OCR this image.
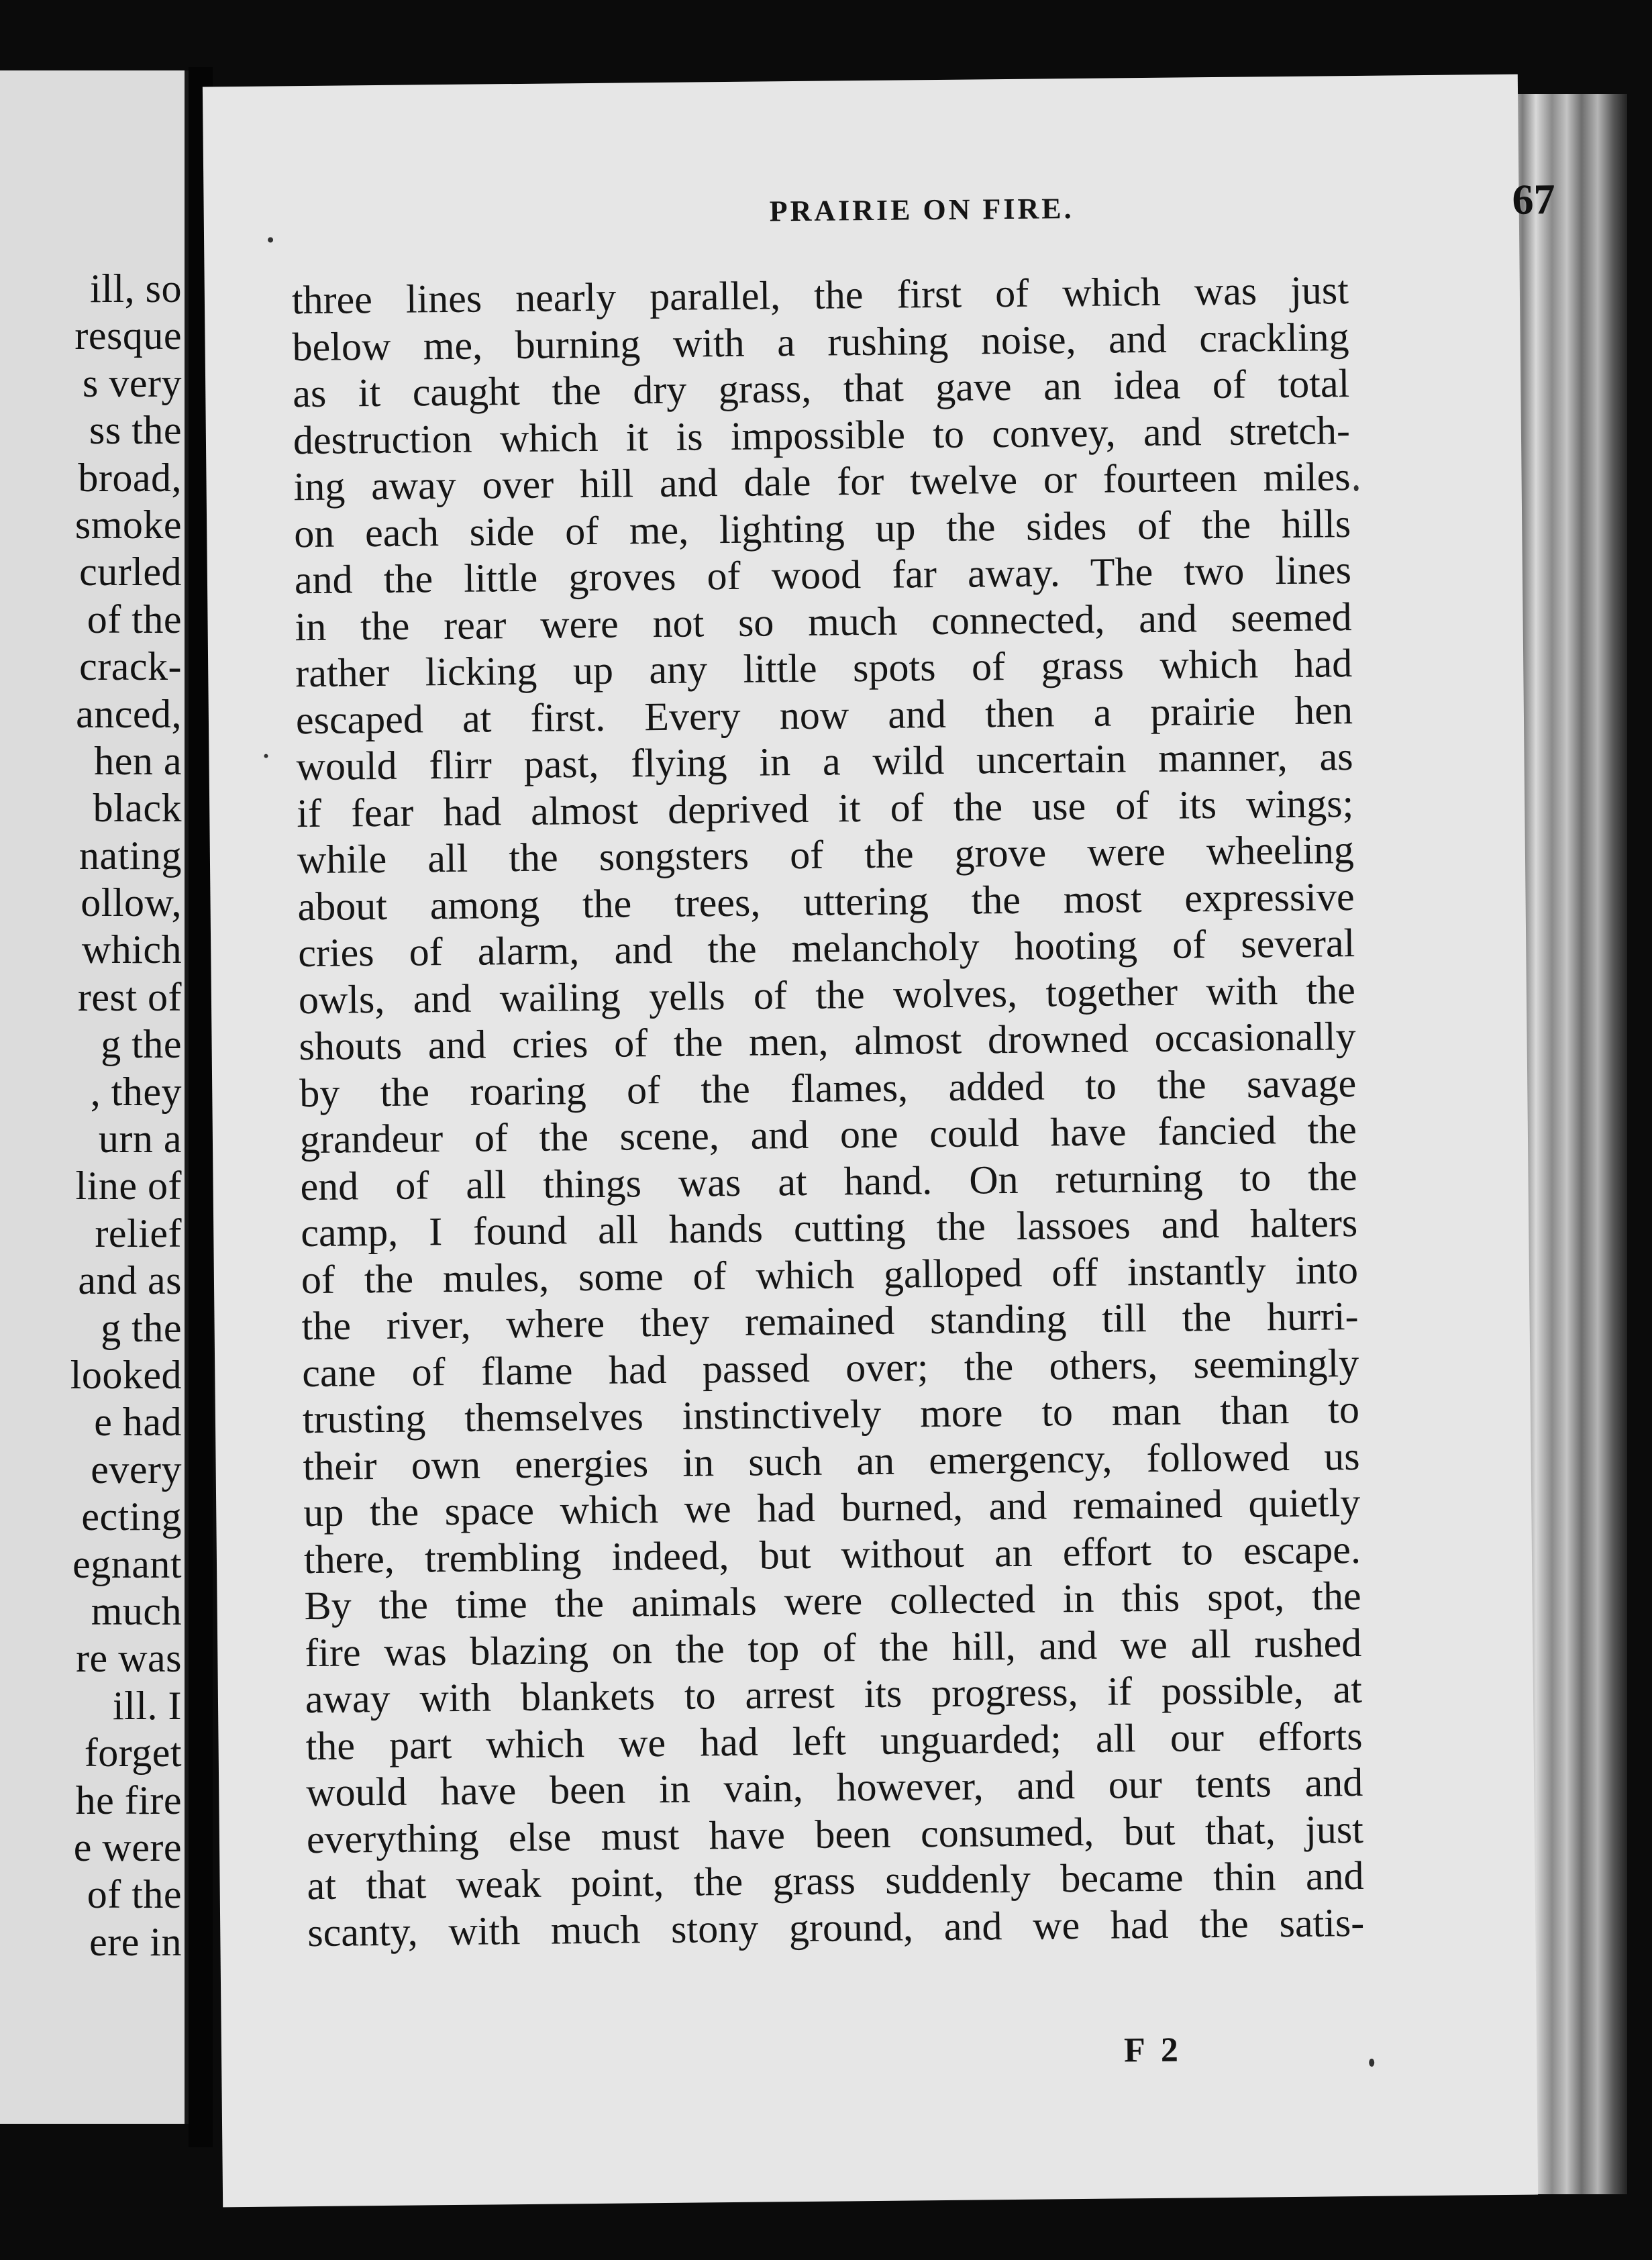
ill, so
resque
s very
ss the
broad,
smoke
curled
of the
crack-
anced,
hen a
black
nating
ollow,
which
rest of
g the
, they
urn a
line of
relief
and as
g the
looked
e had
every
ecting
egnant
much
re was
ill. I
forget
he fire
e were
of the
ere in
PRAIRIE ON FIRE.	67
three lines nearly parallel, the first of which was just
below me, burning with a rushing noise, and crackling
as it caught the dry grass, that gave an idea of total
destruction which it is impossible to convey, and stretch-
ing away over hill and dale for twelve or fourteen miles
on each side of me, lighting up the sides of the hills
and the little groves of wood far away. The two lines
in the rear were not so much connected, and seemed
rather licking up any little spots of grass which had
escaped at first. Every now and then a prairie hen
would flirr past, flying in a wild uncertain manner, as
if fear had almost deprived it of the use of its wings;
while all the songsters of the grove were wheeling
about among the trees, uttering the most expressive
cries of alarm, and the melancholy hooting of several
owls, and wailing yells of the wolves, together with the
shouts and cries of the men, almost drowned occasionally
by the roaring of the flames, added to the savage
grandeur of the scene, and one could have fancied the
end of all things was at hand. On returning to the
camp, I found all hands cutting the lassoes and halters
of the mules, some of which galloped off instantly into
the river, where they remained standing till the hurri-
cane of flame had passed over; the others, seemingly
trusting themselves instinctively more to man than to
their own energies in such an emergency, followed us
up the space which we had burned, and remained quietly
there, trembling indeed, but without an effort to escape.
By the time the animals were collected in this spot, the
fire was blazing on the top of the hill, and we all rushed
away with blankets to arrest its progress, if possible, at
the part which we had left unguarded; all our efforts
would have been in vain, however, and our tents and
everything else must have been consumed, but that, just
at that weak point, the grass suddenly became thin and
scanty, with much stony ground, and we had the satis-
F 2
